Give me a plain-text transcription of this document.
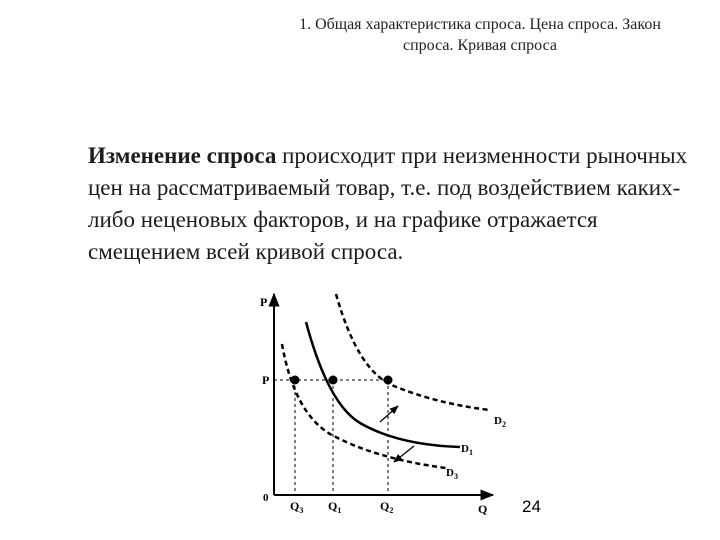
1. Общая характеристика спроса. Цена спроса. Закон
спроса. Кривая спроса
Изменение спроса происходит при неизменности рыночных цен на рассматриваемый товар, т.е. под воздействием каких-либо неценовых факторов, и на графике отражается смещением всей кривой спроса.
P
Q
0
P
$Q_3$ $Q_1$	$Q_2$
$D_2$
$D_1$
$D_3$
24
